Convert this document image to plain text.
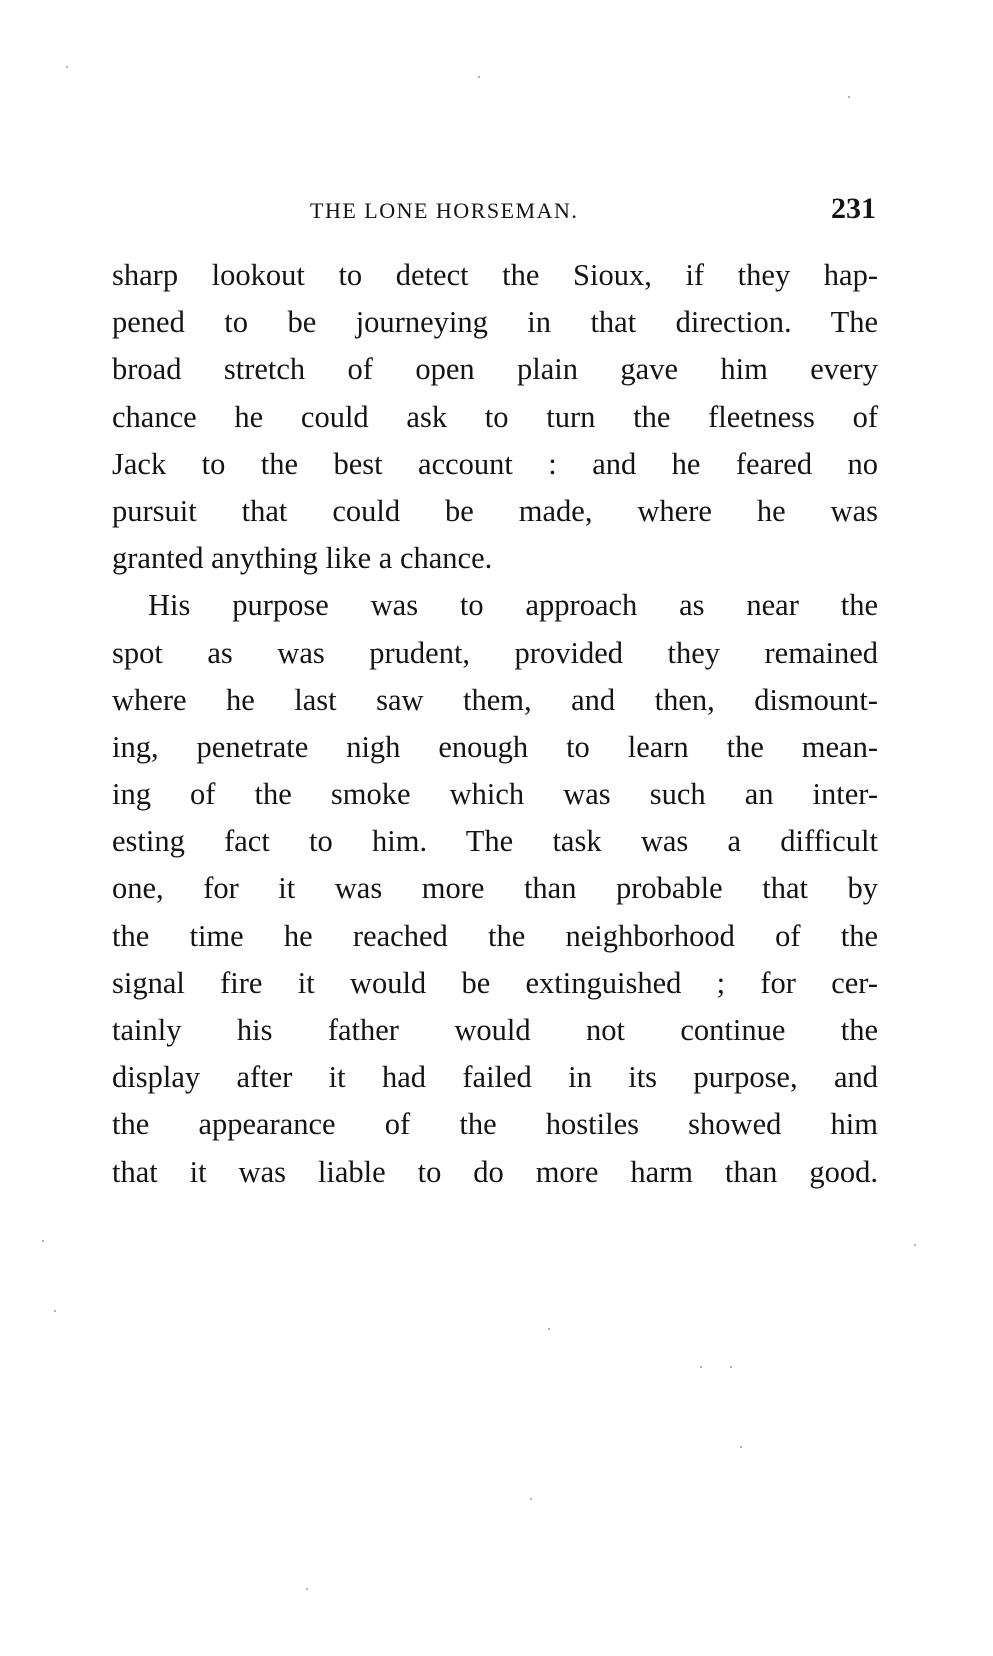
THE LONE HORSEMAN.	231
sharp lookout to detect the Sioux, if they hap-
pened to be journeying in that direction. The
broad stretch of open plain gave him every
chance he could ask to turn the fleetness of
Jack to the best account : and he feared no
pursuit that could be made, where he was
granted anything like a chance.
His purpose was to approach as near the
spot as was prudent, provided they remained
where he last saw them, and then, dismount-
ing, penetrate nigh enough to learn the mean-
ing of the smoke which was such an inter-
esting fact to him. The task was a difficult
one, for it was more than probable that by
the time he reached the neighborhood of the
signal fire it would be extinguished ; for cer-
tainly his father would not continue the
display after it had failed in its purpose, and
the appearance of the hostiles showed him
that it was liable to do more harm than good.
